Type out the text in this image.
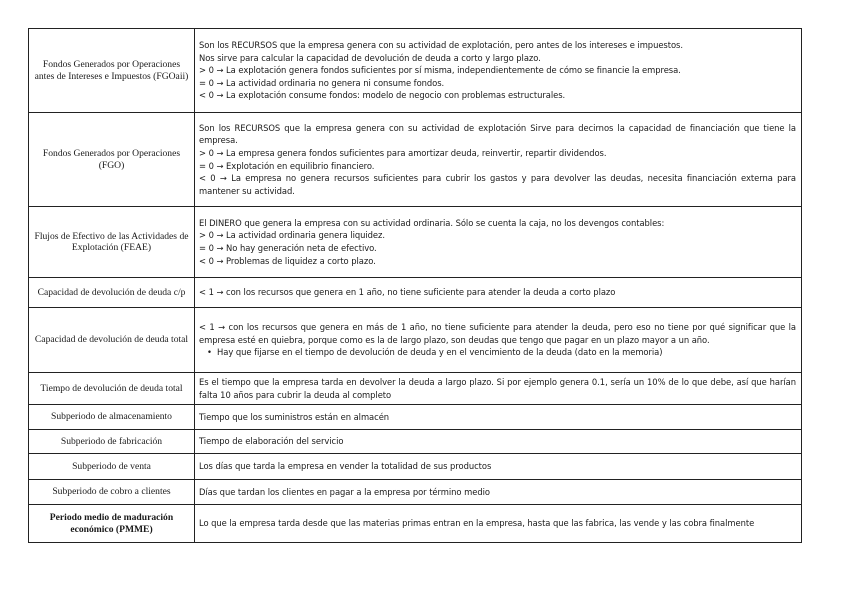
Fondos Generados por Operaciones antes de Intereses e Impuestos (FGOaii)	Son los RECURSOS que la empresa genera con su actividad de explotación, pero antes de los intereses e impuestos.
Nos sirve para calcular la capacidad de devolución de deuda a corto y largo plazo.
> 0 → La explotación genera fondos suficientes por sí misma, independientemente de cómo se financie la empresa.
= 0 → La actividad ordinaria no genera ni consume fondos.
< 0 → La explotación consume fondos: modelo de negocio con problemas estructurales.

Fondos Generados por Operaciones (FGO)	Son los RECURSOS que la empresa genera con su actividad de explotación Sirve para decirnos la capacidad de financiación que tiene la empresa.
> 0 → La empresa genera fondos suficientes para amortizar deuda, reinvertir, repartir dividendos.
= 0 → Explotación en equilibrio financiero.
< 0 → La empresa no genera recursos suficientes para cubrir los gastos y para devolver las deudas, necesita financiación externa para mantener su actividad.

Flujos de Efectivo de las Actividades de Explotación (FEAE)	El DINERO que genera la empresa con su actividad ordinaria. Sólo se cuenta la caja, no los devengos contables:
> 0 → La actividad ordinaria genera liquidez.
= 0 → No hay generación neta de efectivo.
< 0 → Problemas de liquidez a corto plazo.

Capacidad de devolución de deuda c/p	< 1 → con los recursos que genera en 1 año, no tiene suficiente para atender la deuda a corto plazo

Capacidad de devolución de deuda total	< 1 → con los recursos que genera en más de 1 año, no tiene suficiente para atender la deuda, pero eso no tiene por qué significar que la empresa esté en quiebra, porque como es la de largo plazo, son deudas que tengo que pagar en un plazo mayor a un año.
• Hay que fijarse en el tiempo de devolución de deuda y en el vencimiento de la deuda (dato en la memoria)

Tiempo de devolución de deuda total	Es el tiempo que la empresa tarda en devolver la deuda a largo plazo. Si por ejemplo genera 0.1, sería un 10% de lo que debe, así que harían falta 10 años para cubrir la deuda al completo

Subperiodo de almacenamiento	Tiempo que los suministros están en almacén

Subperiodo de fabricación	Tiempo de elaboración del servicio

Subperiodo de venta	Los días que tarda la empresa en vender la totalidad de sus productos

Subperiodo de cobro a clientes	Días que tardan los clientes en pagar a la empresa por término medio

Periodo medio de maduración económico (PMME)	Lo que la empresa tarda desde que las materias primas entran en la empresa, hasta que las fabrica, las vende y las cobra finalmente
